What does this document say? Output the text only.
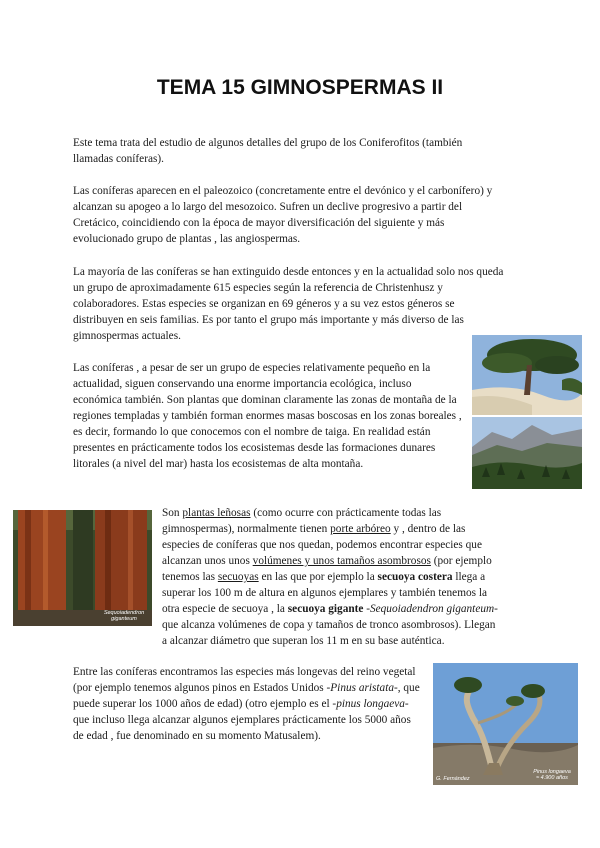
TEMA 15 GIMNOSPERMAS II

Este tema trata del estudio de algunos detalles del grupo de los Coniferofitos (también llamadas coníferas).

Las coníferas aparecen en el paleozoico (concretamente entre el devónico y el carbonífero) y alcanzan su apogeo a lo largo del mesozoico. Sufren un declive progresivo a partir del Cretácico, coincidiendo con la época de mayor diversificación del siguiente y más evolucionado grupo de plantas , las angiospermas.

La mayoría de las coníferas se han extinguido desde entonces y en la actualidad solo nos queda un grupo de aproximadamente 615 especies según la referencia de Christenhusz y colaboradores. Estas especies se organizan en 69 géneros y a su vez estos géneros se distribuyen en seis familias. Es por tanto el grupo más importante y más diverso de las gimnospermas actuales.

Las coníferas , a pesar de ser un grupo de especies relativamente pequeño en la actualidad, siguen conservando una enorme importancia ecológica, incluso económica también. Son plantas que dominan claramente las zonas de montaña de la regiones templadas y también forman enormes masas boscosas en los zonas boreales , es decir, formando lo que conocemos con el nombre de taiga. En realidad están presentes en prácticamente todos los ecosistemas desde las formaciones dunares litorales (a nivel del mar) hasta los ecosistemas de alta montaña.

Son plantas leñosas (como ocurre con prácticamente todas las gimnospermas), normalmente tienen porte arbóreo y , dentro de las especies de coníferas que nos quedan, podemos encontrar especies que alcanzan unos unos volúmenes y unos tamaños asombrosos (por ejemplo tenemos las secuoyas en las que por ejemplo la secuoya costera llega a superar los 100 m de altura en algunos ejemplares y también tenemos la otra especie de secuoya , la secuoya gigante -Sequoiadendron giganteum- que alcanza volúmenes de copa y tamaños de tronco asombrosos). Llegan a alcanzar diámetro que superan los 11 m en su base auténtica.

Entre las coníferas encontramos las especies más longevas del reino vegetal (por ejemplo tenemos algunos pinos en Estados Unidos -Pinus aristata-, que puede superar los 1000 años de edad) (otro ejemplo es el -pinus longaeva- que incluso llega alcanzar algunos ejemplares prácticamente los 5000 años de edad , fue denominado en su momento Matusalem).

Sequoiadendron giganteum
Pinus longaeva
≈ 4.900 años
G. Fernández
